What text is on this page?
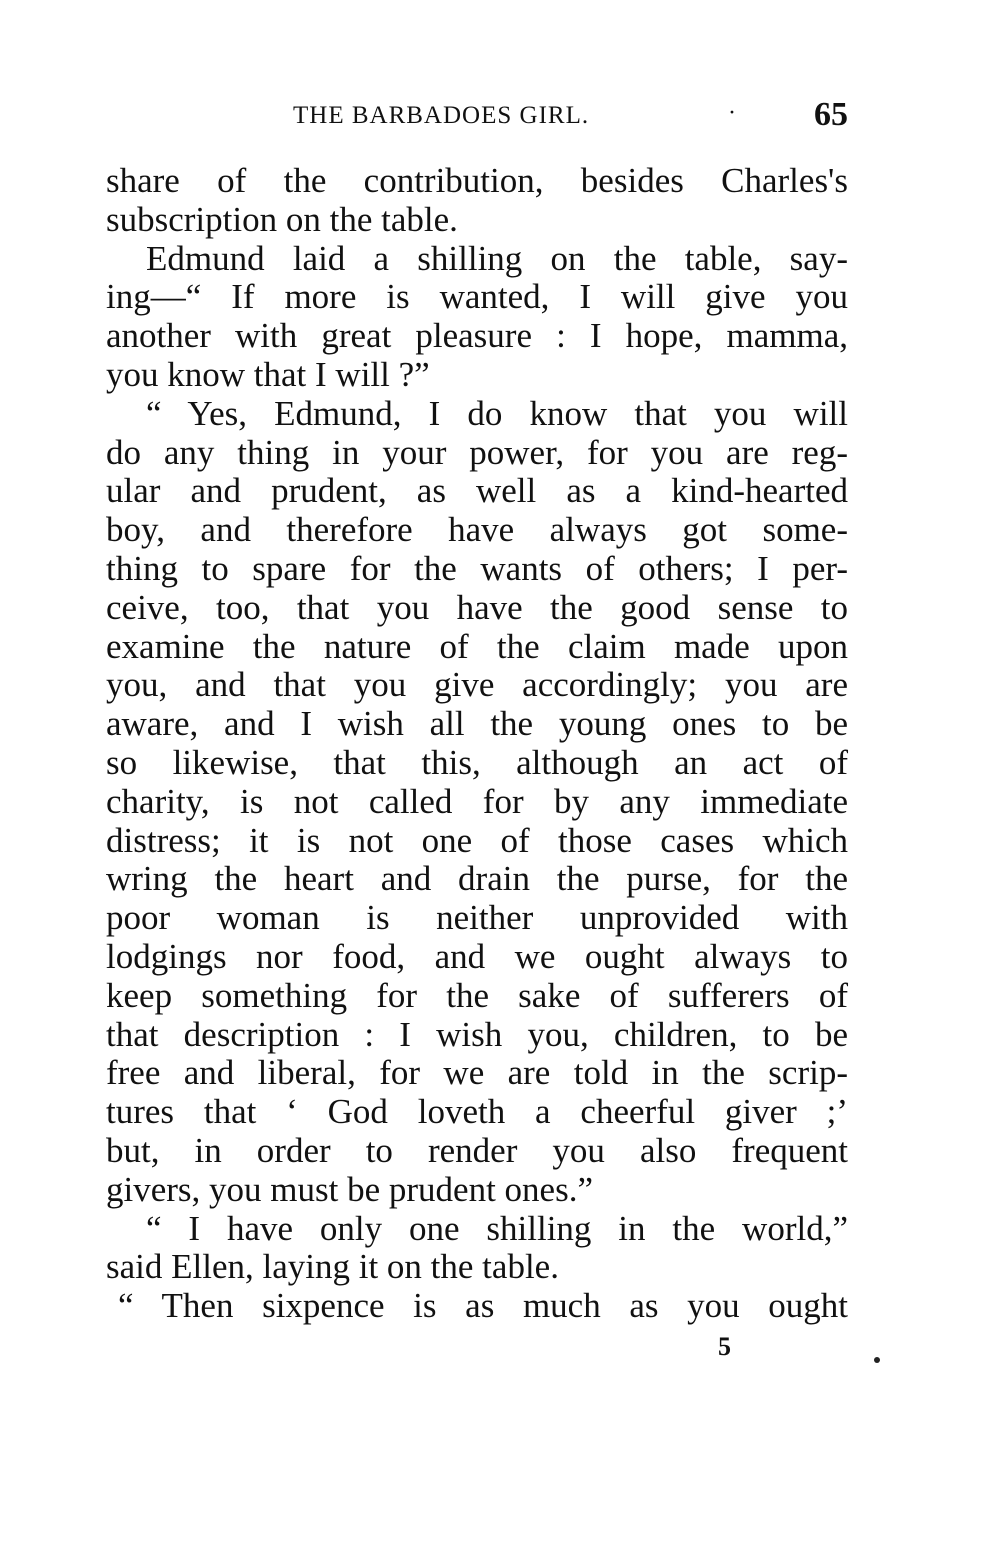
THE BARBADOES GIRL.	· 65
share of the contribution, besides Charles's
subscription on the table.
Edmund laid a shilling on the table, say-
ing—“ If more is wanted, I will give you
another with great pleasure : I hope, mamma,
you know that I will ?”
“ Yes, Edmund, I do know that you will
do any thing in your power, for you are reg-
ular and prudent, as well as a kind-hearted
boy, and therefore have always got some-
thing to spare for the wants of others; I per-
ceive, too, that you have the good sense to
examine the nature of the claim made upon
you, and that you give accordingly; you are
aware, and I wish all the young ones to be
so likewise, that this, although an act of
charity, is not called for by any immediate
distress; it is not one of those cases which
wring the heart and drain the purse, for the
poor woman is neither unprovided with
lodgings nor food, and we ought always to
keep something for the sake of sufferers of
that description : I wish you, children, to be
free and liberal, for we are told in the scrip-
tures that ‘ God loveth a cheerful giver ;’
but, in order to render you also frequent
givers, you must be prudent ones.”
“ I have only one shilling in the world,”
said Ellen, laying it on the table.
“ Then sixpence is as much as you ought
5
